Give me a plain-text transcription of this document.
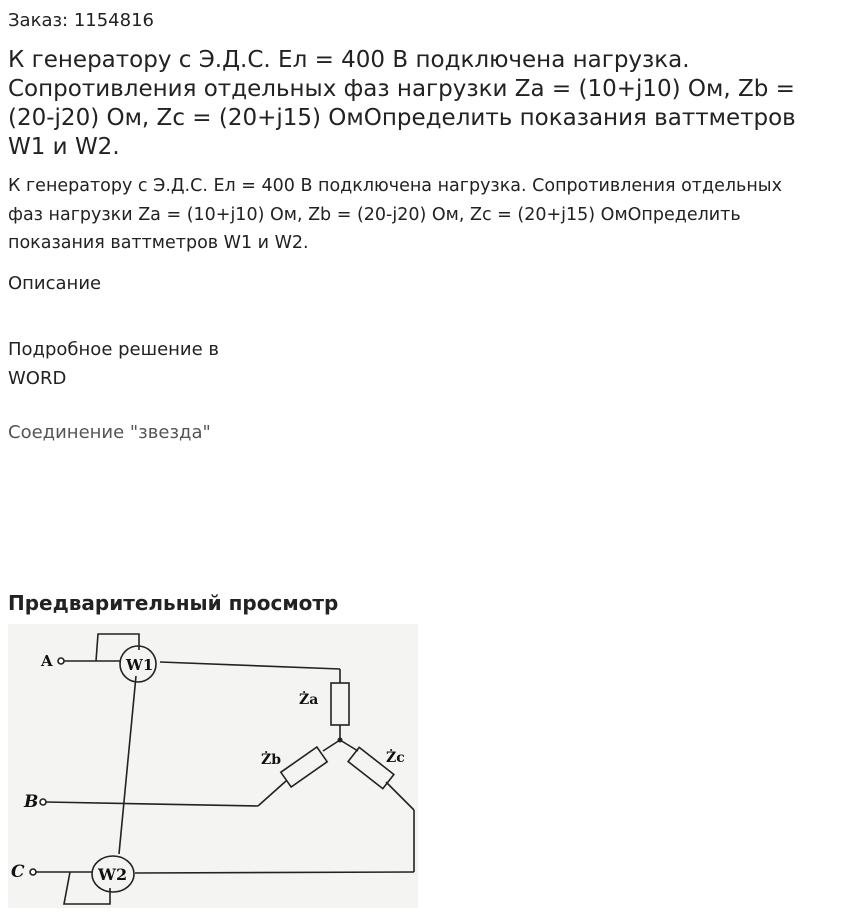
Заказ: 1154816
К генератору с Э.Д.С. Ел = 400 В подключена нагрузка. Сопротивления отдельных фаз нагрузки Za = (10+j10) Ом, Zb = (20-j20) Ом, Zc = (20+j15) ОмОпределить показания ваттметров W1 и W2.
К генератору с Э.Д.С. Ел = 400 В подключена нагрузка. Сопротивления отдельных фаз нагрузки Za = (10+j10) Ом, Zb = (20-j20) Ом, Zc = (20+j15) ОмОпределить показания ваттметров W1 и W2.
Описание
Подробное решение в WORD
Соединение "звезда"
Предварительный просмотр
A
B
C
W1
W2
Ża
Żb	Żc
